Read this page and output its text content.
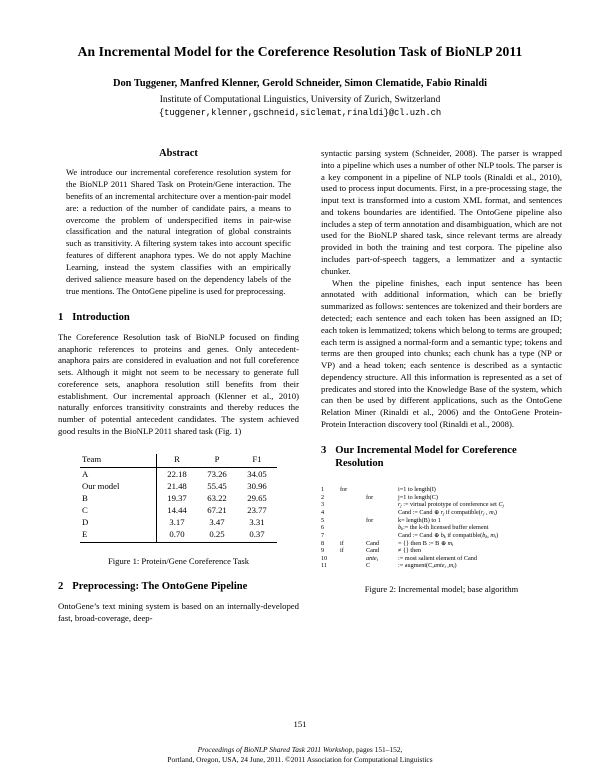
An Incremental Model for the Coreference Resolution Task of BioNLP 2011
Don Tuggener, Manfred Klenner, Gerold Schneider, Simon Clematide, Fabio Rinaldi
Institute of Computational Linguistics, University of Zurich, Switzerland
{tuggener,klenner,gschneid,siclemat,rinaldi}@cl.uzh.ch
Abstract

We introduce our incremental coreference resolution system for the BioNLP 2011 Shared Task on Protein/Gene interaction. The benefits of an incremental architecture over a mention-pair model are: a reduction of the number of candidate pairs, a means to overcome the problem of underspecified items in pair-wise classification and the natural integration of global constraints such as transitivity. A filtering system takes into account specific features of different anaphora types. We do not apply Machine Learning, instead the system classifies with an empirically derived salience measure based on the dependency labels of the true mentions. The OntoGene pipeline is used for preprocessing.

1 Introduction

The Coreference Resolution task of BioNLP focused on finding anaphoric references to proteins and genes. Only antecedent-anaphora pairs are considered in evaluation and not full coreference sets. Although it might not seem to be necessary to generate full coreference sets, anaphora resolution still benefits from their establishment. Our incremental approach (Klenner et al., 2010) naturally enforces transitivity constraints and thereby reduces the number of potential antecedent candidates. The system achieved good results in the BioNLP 2011 shared task (Fig. 1)

Team	R	P	F1
A	22.18	73.26	34.05
Our model	21.48	55.45	30.96
B	19.37	63.22	29.65
C	14.44	67.21	23.77
D	3.17	3.47	3.31
E	0.70	0.25	0.37
Figure 1: Protein/Gene Coreference Task
2 Preprocessing: The OntoGene Pipeline

OntoGene’s text mining system is based on an internally-developed fast, broad-coverage, deep-

syntactic parsing system (Schneider, 2008). The parser is wrapped into a pipeline which uses a number of other NLP tools. The parser is a key component in a pipeline of NLP tools (Rinaldi et al., 2010), used to process input documents. First, in a pre-processing stage, the input text is transformed into a custom XML format, and sentences and tokens boundaries are identified. The OntoGene pipeline also includes a step of term annotation and disambiguation, which are not used for the BioNLP shared task, since relevant terms are already provided in both the training and test corpora. The pipeline also includes part-of-speech taggers, a lemmatizer and a syntactic chunker.

When the pipeline finishes, each input sentence has been annotated with additional information, which can be briefly summarized as follows: sentences are tokenized and their borders are detected; each sentence and each token has been assigned an ID; each token is lemmatized; tokens which belong to terms are grouped; each term is assigned a normal-form and a semantic type; tokens and terms are then grouped into chunks; each chunk has a type (NP or VP) and a head token; each sentence is described as a syntactic dependency structure. All this information is represented as a set of predicates and stored into the Knowledge Base of the system, which can then be used by different applications, such as the OntoGene Relation Miner (Rinaldi et al., 2006) and the OntoGene Protein-Protein Interaction discovery tool (Rinaldi et al., 2008).

3 Our Incremental Model for Coreference Resolution
1	for		i=1 to length(I)
2		for	j=1 to length(C)
3			$r_j$ := virtual prototype of coreference set $C_j$
4			Cand := Cand ⊕ $r_j$ if $compatible(r_j$ , $m_i$)
5		for	k= length(B) to 1
6			$b_k:=$ the k-th licensed buffer element
7			Cand := Cand ⊕ $b_k$ if $compatible(b_k$, $m_i$)
8	if	Cand	= {} then B := B ⊕ $m_i$
9	if	Cand	≠ {} then
10		ante$_i$	:= most salient element of Cand
11		C	:= augment(C,ante$_i$ $,m_i$)
Figure 2: Incremental model; base algorithm
151
Proceedings of BioNLP Shared Task 2011 Workshop, pages 151–152,
Portland, Oregon, USA, 24 June, 2011. ©2011 Association for Computational Linguistics
